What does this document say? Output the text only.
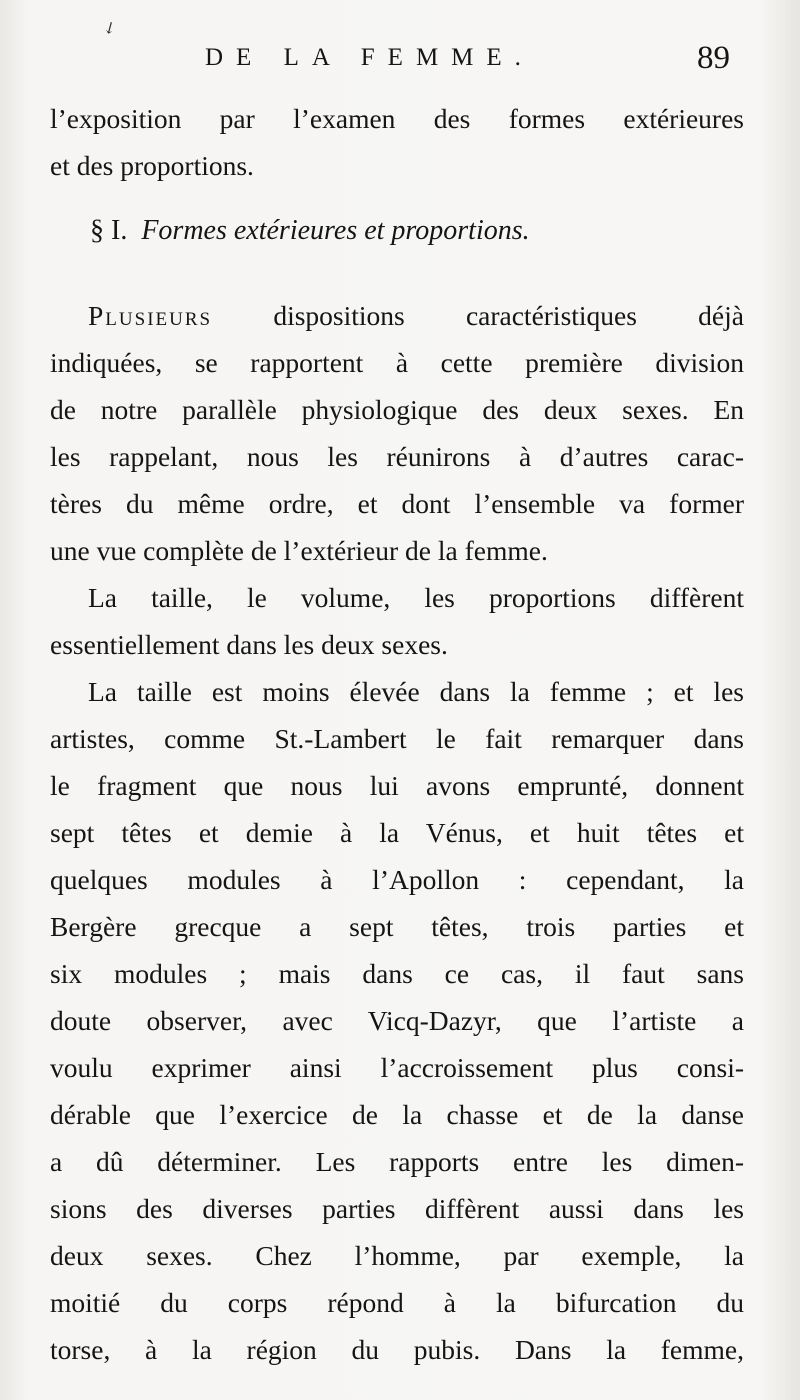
↙
DE LA FEMME.	89
l’exposition par l’examen des formes extérieures
et des proportions.
§ I. Formes extérieures et proportions.
Plusieurs dispositions caractéristiques déjà
indiquées, se rapportent à cette première division
de notre parallèle physiologique des deux sexes. En
les rappelant, nous les réunirons à d’autres carac-
tères du même ordre, et dont l’ensemble va former
une vue complète de l’extérieur de la femme.
La taille, le volume, les proportions diffèrent
essentiellement dans les deux sexes.
La taille est moins élevée dans la femme ; et les
artistes, comme St.-Lambert le fait remarquer dans
le fragment que nous lui avons emprunté, donnent
sept têtes et demie à la Vénus, et huit têtes et
quelques modules à l’Apollon : cependant, la
Bergère grecque a sept têtes, trois parties et
six modules ; mais dans ce cas, il faut sans
doute observer, avec Vicq-Dazyr, que l’artiste a
voulu exprimer ainsi l’accroissement plus consi-
dérable que l’exercice de la chasse et de la danse
a dû déterminer. Les rapports entre les dimen-
sions des diverses parties diffèrent aussi dans les
deux sexes. Chez l’homme, par exemple, la
moitié du corps répond à la bifurcation du
torse, à la région du pubis. Dans la femme,
